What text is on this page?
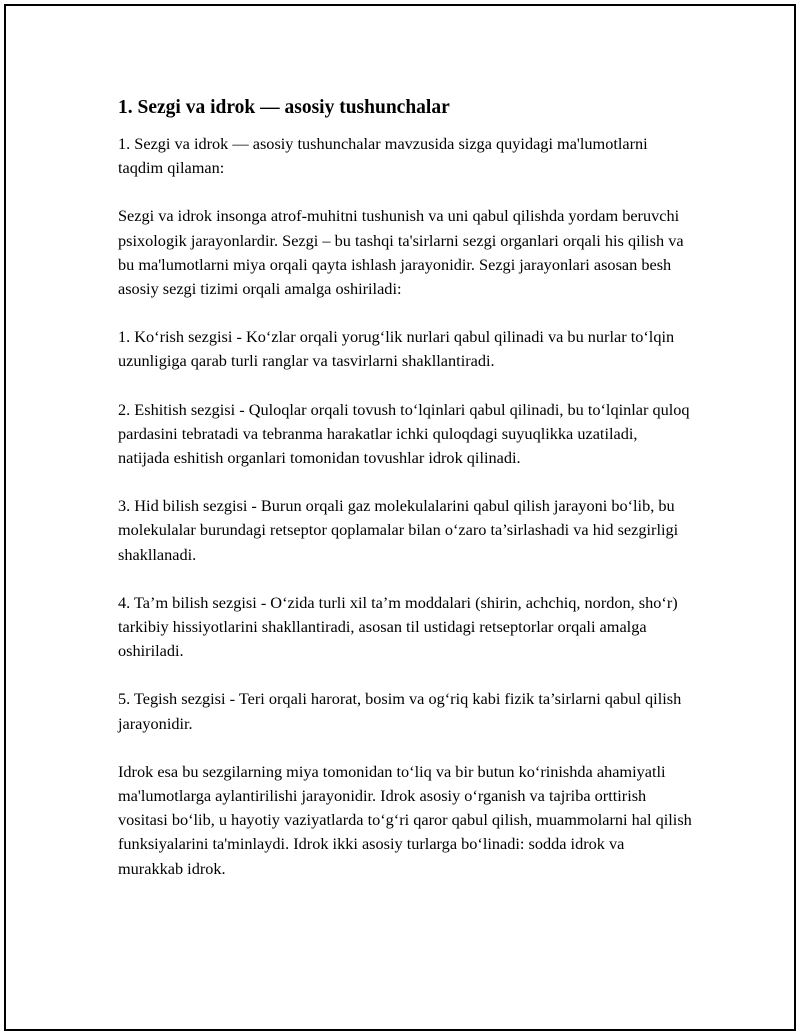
1. Sezgi va idrok — asosiy tushunchalar

1. Sezgi va idrok — asosiy tushunchalar mavzusida sizga quyidagi ma'lumotlarni taqdim qilaman:

Sezgi va idrok insonga atrof-muhitni tushunish va uni qabul qilishda yordam beruvchi psixologik jarayonlardir. Sezgi – bu tashqi ta'sirlarni sezgi organlari orqali his qilish va bu ma'lumotlarni miya orqali qayta ishlash jarayonidir. Sezgi jarayonlari asosan besh asosiy sezgi tizimi orqali amalga oshiriladi:

1. Ko‘rish sezgisi - Ko‘zlar orqali yorug‘lik nurlari qabul qilinadi va bu nurlar to‘lqin uzunligiga qarab turli ranglar va tasvirlarni shakllantiradi.

2. Eshitish sezgisi - Quloqlar orqali tovush to‘lqinlari qabul qilinadi, bu to‘lqinlar quloq pardasini tebratadi va tebranma harakatlar ichki quloqdagi suyuqlikka uzatiladi, natijada eshitish organlari tomonidan tovushlar idrok qilinadi.

3. Hid bilish sezgisi - Burun orqali gaz molekulalarini qabul qilish jarayoni bo‘lib, bu molekulalar burundagi retseptor qoplamalar bilan o‘zaro ta’sirlashadi va hid sezgirligi shakllanadi.

4. Ta’m bilish sezgisi - O‘zida turli xil ta’m moddalari (shirin, achchiq, nordon, sho‘r) tarkibiy hissiyotlarini shakllantiradi, asosan til ustidagi retseptorlar orqali amalga oshiriladi.

5. Tegish sezgisi - Teri orqali harorat, bosim va og‘riq kabi fizik ta’sirlarni qabul qilish jarayonidir.

Idrok esa bu sezgilarning miya tomonidan to‘liq va bir butun ko‘rinishda ahamiyatli ma'lumotlarga aylantirilishi jarayonidir. Idrok asosiy o‘rganish va tajriba orttirish vositasi bo‘lib, u hayotiy vaziyatlarda to‘g‘ri qaror qabul qilish, muammolarni hal qilish funksiyalarini ta'minlaydi. Idrok ikki asosiy turlarga bo‘linadi: sodda idrok va murakkab idrok.
